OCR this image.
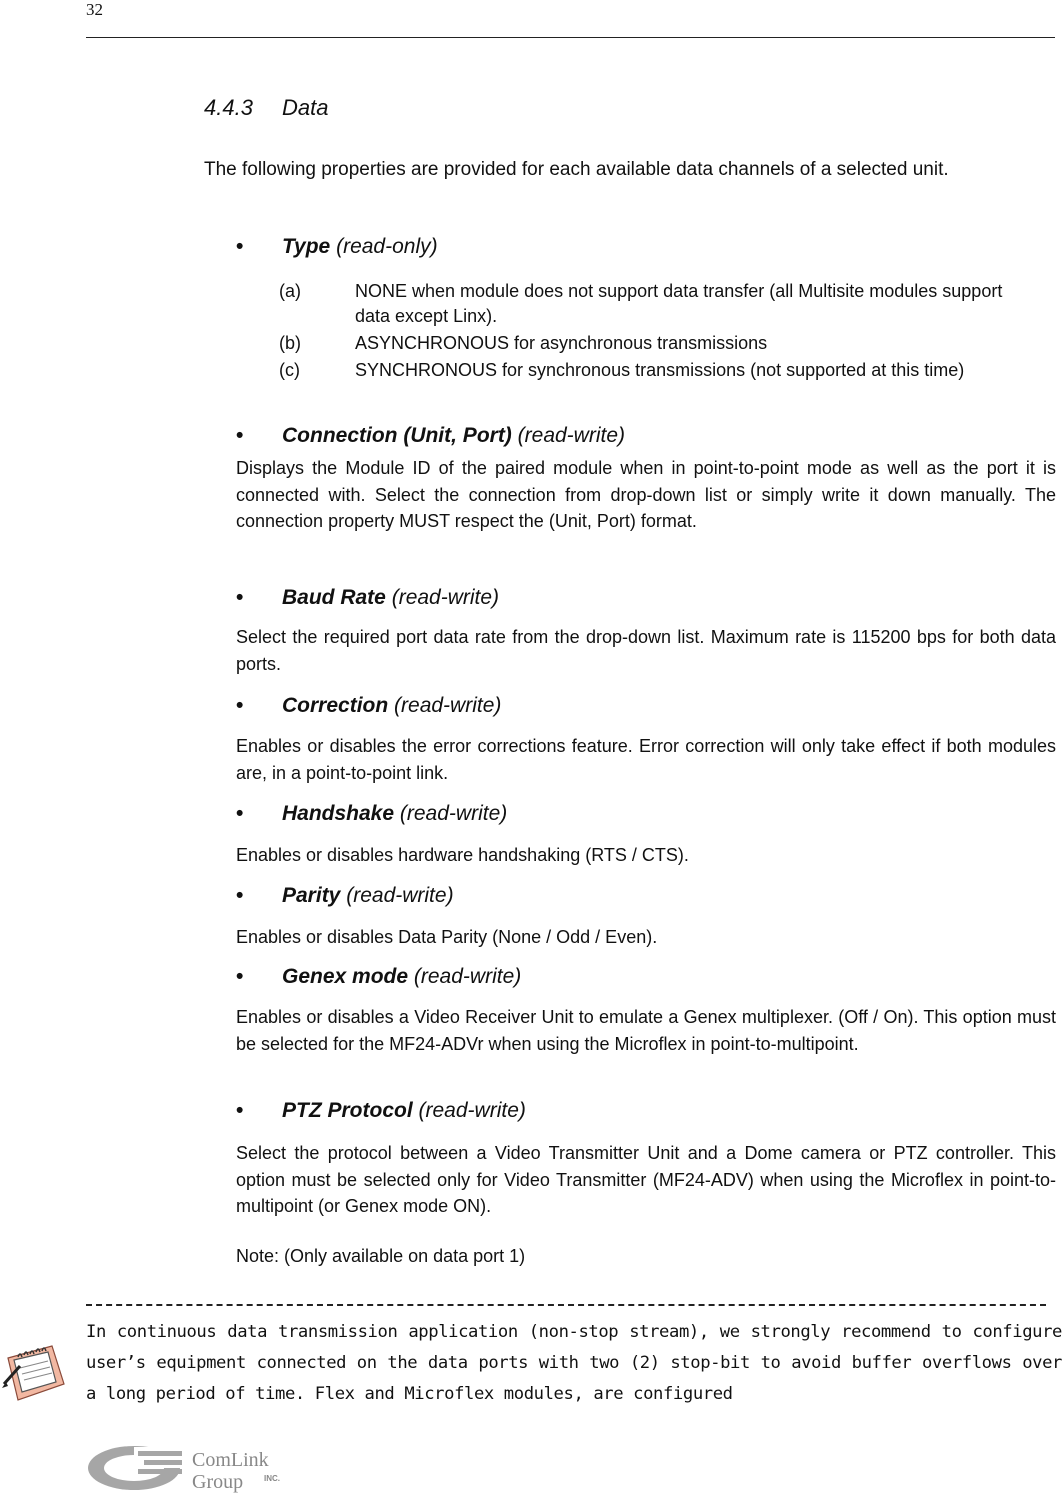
32
4.4.3 Data
The following properties are provided for each available data channels of a selected unit.
• Type (read-only)
(a)	NONE when module does not support data transfer (all Multisite modules support data except Linx).
(b)	ASYNCHRONOUS for asynchronous transmissions
(c)	SYNCHRONOUS for synchronous transmissions (not supported at this time)
• Connection (Unit, Port) (read-write)
Displays the Module ID of the paired module when in point-to-point mode as well as the port it is connected with. Select the connection from drop-down list or simply write it down manually. The connection property MUST respect the (Unit, Port) format.
• Baud Rate (read-write)
Select the required port data rate from the drop-down list. Maximum rate is 115200 bps for both data ports.
• Correction (read-write)
Enables or disables the error corrections feature. Error correction will only take effect if both modules are, in a point-to-point link.
• Handshake (read-write)
Enables or disables hardware handshaking (RTS / CTS).
• Parity (read-write)
Enables or disables Data Parity (None / Odd / Even).
• Genex mode (read-write)
Enables or disables a Video Receiver Unit to emulate a Genex multiplexer. (Off / On). This option must be selected for the MF24-ADVr when using the Microflex in point-to-multipoint.
• PTZ Protocol (read-write)
Select the protocol between a Video Transmitter Unit and a Dome camera or PTZ controller. This option must be selected only for Video Transmitter (MF24-ADV) when using the Microflex in point-to-multipoint (or Genex mode ON).
Note: (Only available on data port 1)
In continuous data transmission application (non-stop stream), we strongly recommend to configure user’s equipment connected on the data ports with two (2) stop-bit to avoid buffer overflows over a long period of time. Flex and Microflex modules, are configured
ComLink
Group	INC.
